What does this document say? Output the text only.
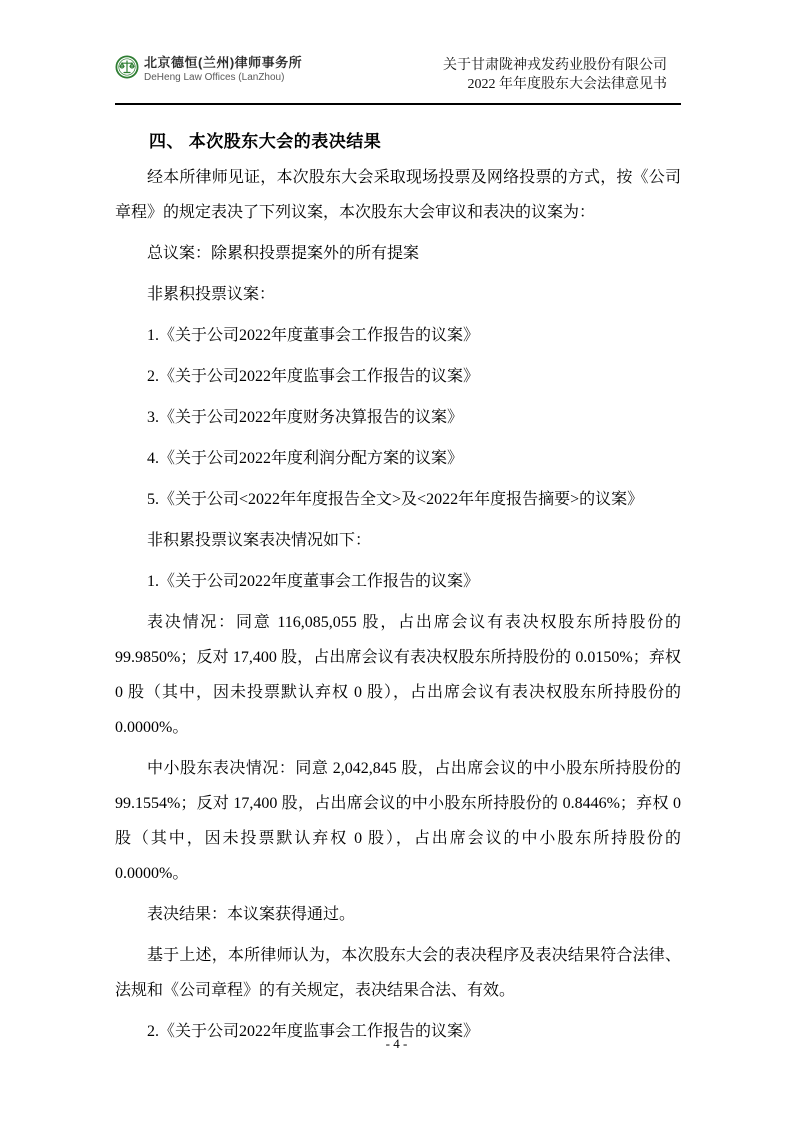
北京德恒(兰州)律师事务所
DeHeng Law Offices (LanZhou)
关于甘肃陇神戎发药业股份有限公司
2022 年年度股东大会法律意见书
四、 本次股东大会的表决结果

经本所律师见证，本次股东大会采取现场投票及网络投票的方式，按《公司章程》的规定表决了下列议案，本次股东大会审议和表决的议案为：

总议案：除累积投票提案外的所有提案

非累积投票议案：

1.《关于公司2022年度董事会工作报告的议案》

2.《关于公司2022年度监事会工作报告的议案》

3.《关于公司2022年度财务决算报告的议案》

4.《关于公司2022年度利润分配方案的议案》

5.《关于公司<2022年年度报告全文>及<2022年年度报告摘要>的议案》

非积累投票议案表决情况如下：

1.《关于公司2022年度董事会工作报告的议案》

表决情况：同意 116,085,055 股，占出席会议有表决权股东所持股份的 99.9850%；反对 17,400 股，占出席会议有表决权股东所持股份的 0.0150%；弃权 0 股（其中，因未投票默认弃权 0 股），占出席会议有表决权股东所持股份的 0.0000%。

中小股东表决情况：同意 2,042,845 股，占出席会议的中小股东所持股份的 99.1554%；反对 17,400 股，占出席会议的中小股东所持股份的 0.8446%；弃权 0 股（其中，因未投票默认弃权 0 股），占出席会议的中小股东所持股份的 0.0000%。

表决结果：本议案获得通过。

基于上述，本所律师认为，本次股东大会的表决程序及表决结果符合法律、法规和《公司章程》的有关规定，表决结果合法、有效。

2.《关于公司2022年度监事会工作报告的议案》

- 4 -
